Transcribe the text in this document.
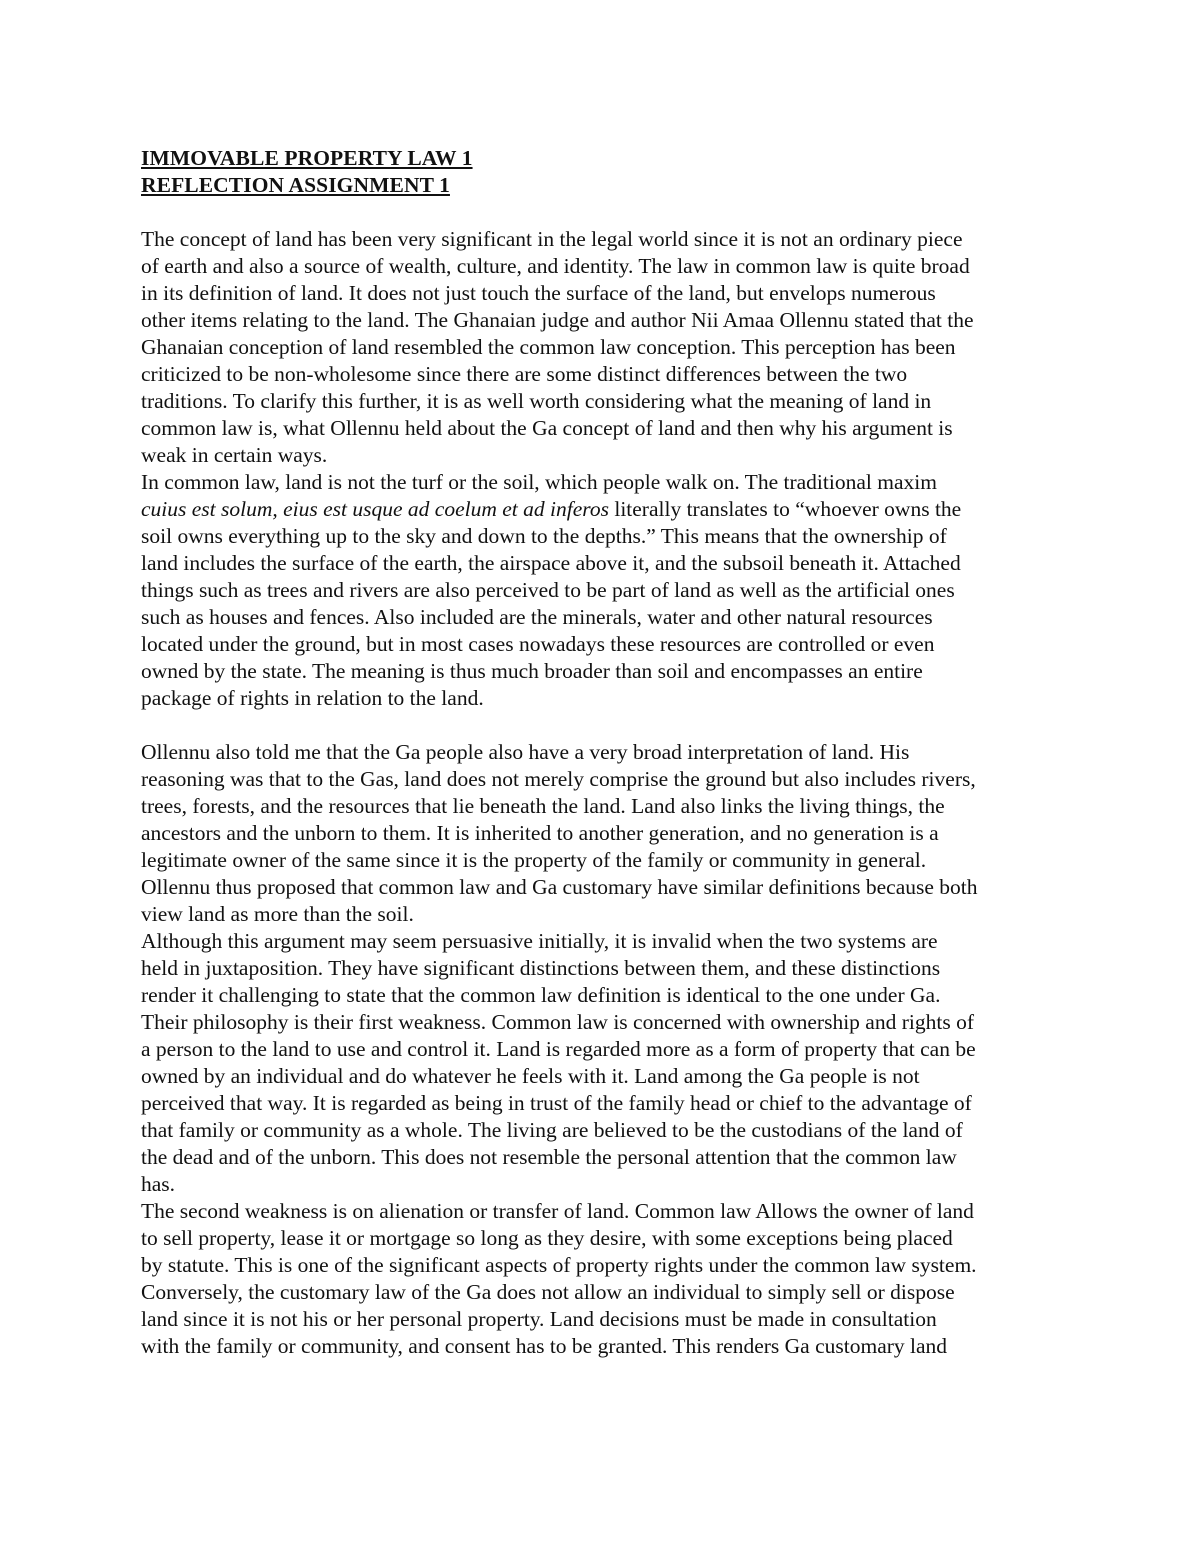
IMMOVABLE PROPERTY LAW 1
REFLECTION ASSIGNMENT 1

The concept of land has been very significant in the legal world since it is not an ordinary piece
of earth and also a source of wealth, culture, and identity. The law in common law is quite broad
in its definition of land. It does not just touch the surface of the land, but envelops numerous
other items relating to the land. The Ghanaian judge and author Nii Amaa Ollennu stated that the
Ghanaian conception of land resembled the common law conception. This perception has been
criticized to be non-wholesome since there are some distinct differences between the two
traditions. To clarify this further, it is as well worth considering what the meaning of land in
common law is, what Ollennu held about the Ga concept of land and then why his argument is
weak in certain ways.

In common law, land is not the turf or the soil, which people walk on. The traditional maxim
cuius est solum, eius est usque ad coelum et ad inferos literally translates to “whoever owns the
soil owns everything up to the sky and down to the depths.” This means that the ownership of
land includes the surface of the earth, the airspace above it, and the subsoil beneath it. Attached
things such as trees and rivers are also perceived to be part of land as well as the artificial ones
such as houses and fences. Also included are the minerals, water and other natural resources
located under the ground, but in most cases nowadays these resources are controlled or even
owned by the state. The meaning is thus much broader than soil and encompasses an entire
package of rights in relation to the land.

Ollennu also told me that the Ga people also have a very broad interpretation of land. His
reasoning was that to the Gas, land does not merely comprise the ground but also includes rivers,
trees, forests, and the resources that lie beneath the land. Land also links the living things, the
ancestors and the unborn to them. It is inherited to another generation, and no generation is a
legitimate owner of the same since it is the property of the family or community in general.
Ollennu thus proposed that common law and Ga customary have similar definitions because both
view land as more than the soil.

Although this argument may seem persuasive initially, it is invalid when the two systems are
held in juxtaposition. They have significant distinctions between them, and these distinctions
render it challenging to state that the common law definition is identical to the one under Ga.
Their philosophy is their first weakness. Common law is concerned with ownership and rights of
a person to the land to use and control it. Land is regarded more as a form of property that can be
owned by an individual and do whatever he feels with it. Land among the Ga people is not
perceived that way. It is regarded as being in trust of the family head or chief to the advantage of
that family or community as a whole. The living are believed to be the custodians of the land of
the dead and of the unborn. This does not resemble the personal attention that the common law
has.

The second weakness is on alienation or transfer of land. Common law Allows the owner of land
to sell property, lease it or mortgage so long as they desire, with some exceptions being placed
by statute. This is one of the significant aspects of property rights under the common law system.
Conversely, the customary law of the Ga does not allow an individual to simply sell or dispose
land since it is not his or her personal property. Land decisions must be made in consultation
with the family or community, and consent has to be granted. This renders Ga customary land
